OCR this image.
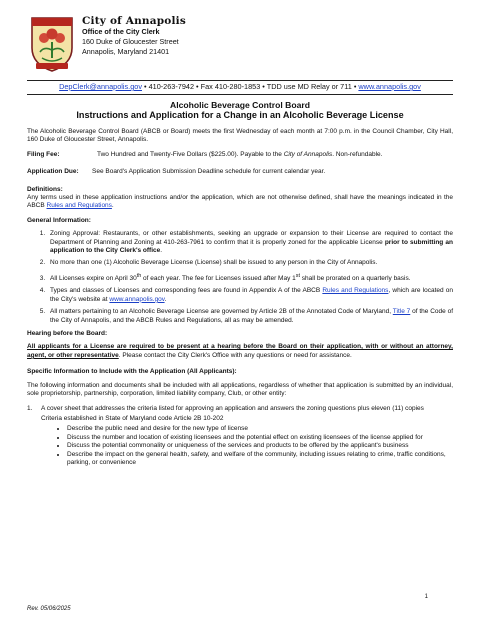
City of Annapolis
Office of the City Clerk
160 Duke of Gloucester Street
Annapolis, Maryland 21401
DepClerk@annapolis.gov • 410-263-7942 • Fax 410-280-1853 • TDD use MD Relay or 711 • www.annapolis.gov
Alcoholic Beverage Control Board
Instructions and Application for a Change in an Alcoholic Beverage License

The Alcoholic Beverage Control Board (ABCB or Board) meets the first Wednesday of each month at 7:00 p.m. in the Council Chamber, City Hall, 160 Duke of Gloucester Street, Annapolis.

Filing Fee:	Two Hundred and Twenty-Five Dollars ($225.00). Payable to the City of Annapolis. Non-refundable.
Application Due:	See Board's Application Submission Deadline schedule for current calendar year.
Definitions:

Any terms used in these application instructions and/or the application, which are not otherwise defined, shall have the meanings indicated in the ABCB Rules and Regulations.

General Information:
1. Zoning Approval: Restaurants, or other establishments, seeking an upgrade or expansion to their License are required to contact the Department of Planning and Zoning at 410-263-7961 to confirm that it is properly zoned for the applicable License prior to submitting an application to the City Clerk's office.
2. No more than one (1) Alcoholic Beverage License (License) shall be issued to any person in the City of Annapolis.
3. All Licenses expire on April 30th of each year. The fee for Licenses issued after May 1st shall be prorated on a quarterly basis.
4. Types and classes of Licenses and corresponding fees are found in Appendix A of the ABCB Rules and Regulations, which are located on the City's website at www.annapolis.gov.
5. All matters pertaining to an Alcoholic Beverage License are governed by Article 2B of the Annotated Code of Maryland, Title 7 of the Code of the City of Annapolis, and the ABCB Rules and Regulations, all as may be amended.
Hearing before the Board:

All applicants for a License are required to be present at a hearing before the Board on their application, with or without an attorney, agent, or other representative. Please contact the City Clerk's Office with any questions or need for assistance.

Specific Information to Include with the Application (All Applicants):

The following information and documents shall be included with all applications, regardless of whether that application is submitted by an individual, sole proprietorship, partnership, corporation, limited liability company, Club, or other entity:

1.	A cover sheet that addresses the criteria listed for approving an application and answers the zoning questions plus eleven (11) copies
Criteria established in State of Maryland code Article 2B 10-202
• Describe the public need and desire for the new type of license
• Discuss the number and location of existing licensees and the potential effect on existing licensees of the license applied for
• Discuss the potential commonality or uniqueness of the services and products to be offered by the applicant's business
• Describe the impact on the general health, safety, and welfare of the community, including issues relating to crime, traffic conditions, parking, or convenience
1
Rev. 05/06/2025
